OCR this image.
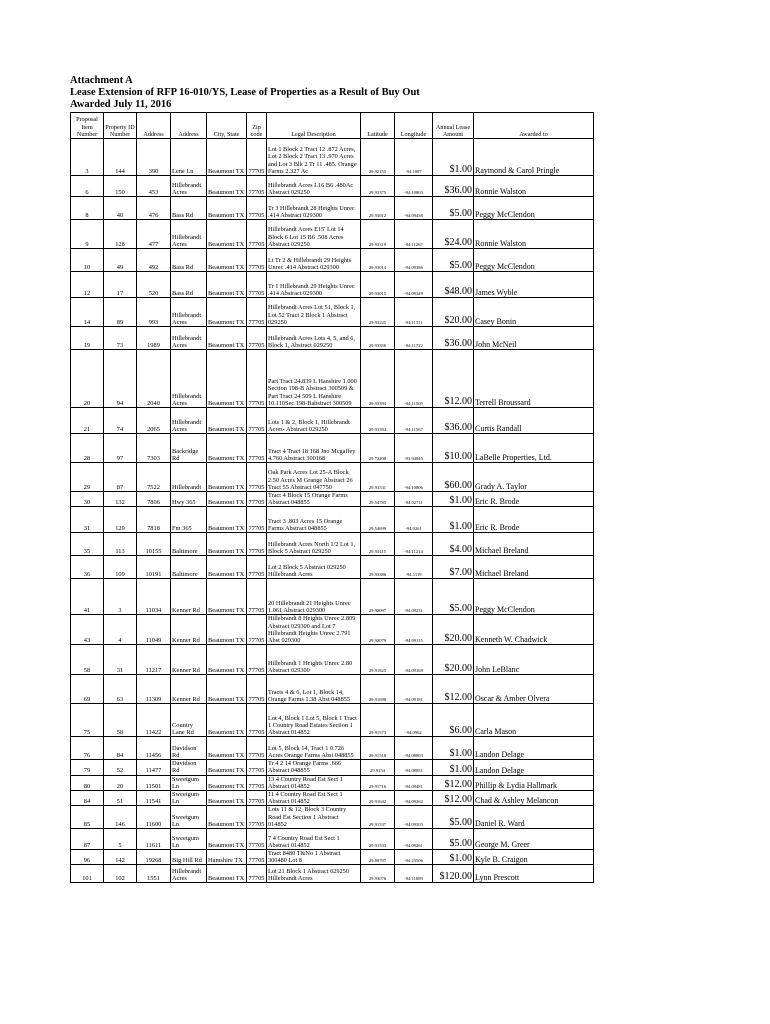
Attachment A
Lease Extension of RFP 16-010/YS, Lease of Properties as a Result of Buy Out
Awarded July 11, 2016
Proposal Item Number	Property ID Number	Address	Address	City, State	Zip code	Legal Description	Latitude	Longitude	Annual Lease Amount	Awarded to
3	144	390	Lene Ln	Beaumont TX	77705	Lot 1 Block 2 Tract 12 .872 Acres, Lot 2 Block 2 Tract 13 .970 Acres and Lot 3 Blk 2 Tr 11 .485. Orange Farms 2.327 Ac	29.92155	-94.1087	$1.00	Raymond & Carol Pringle
6	150	453	Hillebrandt Acres	Beaumont TX	77705	Hillebrandt Acres L16 B6 .480Ac Abstract 029250	29.93375	-94.10803	$36.00	Ronnie Walston
8	40	476	Bass Rd	Beaumont TX	77705	Tr 3 Hillebrandt 28 Heights Unrec .414 Abstract 029300	29.93012	-94.09438	$5.00	Peggy McClendon
9	128	477	Hillebrandt Acres	Beaumont TX	77705	Hillebrandt Acres E15' Lot 14 Block 6 Lot 15 B6 .508 Acres Abstract 029250	29.93319	-94.11267	$24.00	Ronnie Walston
10	49	492	Bass Rd	Beaumont TX	77705	Lt Tr 2 & Hillebrandt 29 Heights Unrec .414 Abstract 029300	29.93014	-94.09386	$5.00	Peggy McClendon
12	17	520	Bass Rd	Beaumont TX	77705	Tr 1 Hillebrandt 29 Heights Unrec .414 Abstract 029300	29.93015	-94.09349	$48.00	James Wyble
14	89	993	Hillebrandt Acres	Beaumont TX	77705	Hillebrandt Acres Lot 51, Block 1, Lot 52 Tract 2 Block 1 Abstract 029250	29.93225	-94.11511	$20.00	Casey Bonin
19	73	1989	Hillebrandt Acres	Beaumont TX	77705	Hillebrandt Acres Lots 4, 5, and 6, Block 1, Abstract 029250	29.93356	-94.11722	$36.00	John McNeil
20	94	2040	Hillebrandt Acres	Beaumont TX	77705	Part Tract 24.839 L Hanshire 1.000 Section 198-B Abstract 300509 & Part Tract 24 509 L Hanshire 10.110Sec 198-Babstract 300509	29.93394	-94.11505	$12.00	Terrell Broussard
21	74	2065	Hillebrandt Acres	Beaumont TX	77705	Lots 1 & 2, Block 1, Hillebrandt Acres- Abstract 029250	29.93394	-94.11567	$36.00	Curtis Randall
28	97	7303	Backridge Rd	Beaumont TX	77705	Tract 4 Tract 18 168 Jno Mcgaffey 4.760 Abstract 300168	29.72208	-93.94045	$10.00	LaBelle Properties, Ltd.
29	87	7522	Hillebrandt	Beaumont TX	77705	Oak Park Acres Lot 25-A Block 2.50 Acres M Grange Abstract 26 Tract 55 Abstract 047750	29.93531	-94.10806	$60.00	Grady A. Taylor
30	132	7806	Hwy 365	Beaumont TX	77705	Tract 4 Block 15 Orange Farms Abstract 048855	29.54785	-94.02711	$1.00	Eric R. Brode
31	129	7818	Fm 365	Beaumont TX	77705	Tract 3 .803 Acres 15 Orange Farms Abstract 048855	29.54699	-94.0261	$1.00	Eric R. Brode
35	113	10155	Baltimore	Beaumont TX	77705	Hillebrandt Acres North 1/2 Lot 1, Block 5 Abstract 029250	29.93415	-94.11214	$4.00	Michael Breland
36	109	10191	Baltimore	Beaumont TX	77705	Lot 2 Block 5 Abstract 029250 Hillebrandt Acres	29.93386	-94.1119	$7.00	Michael Breland
41	3	11034	Kenner Rd	Beaumont TX	77705	20 Hillebrandt 21 Heights Unrec 1.061 Abstract 029300	29.92097	-94.09231	$5.00	Peggy McClendon
43	4	11049	Kenner Rd	Beaumont TX	77705	Hillebrandt 8 Heights Unrec 2.809 Abstract 029300 and Lot 7 Hillebrandt Heights Unrec 2.791 Abst 029300	29.92079	-94.09115	$20.00	Kenneth W. Chadwick
58	31	11217	Kenner Rd	Beaumont TX	77705	Hillebrandt 1 Heights Unrec 2.80 Abstract 029300	29.91825	-94.09169	$20.00	John LeBlanc
69	63	11309	Kenner Rd	Beaumont TX	77705	Tracts 4 & 6, Lot 1, Block 14, Orange Farms 1.38 Abst 048855	29.91698	-94.09181	$12.00	Oscar & Amber Olvera
75	58	11422	Country Lane Rd	Beaumont TX	77705	Lot 4, Block 1 Lot 5, Block 1 Tract 1 Country Road Estates Section 1 Abstract 014852	29.91573	-94.0962	$6.00	Carla Mason
76	84	11456	Davidson Rd	Beaumont TX	77705	Lot 5, Block 14, Tract 1 0.726 Acres Orange Farms Abst 048855	29.91518	-94.08803	$1.00	Landon Delage
79	52	11477	Davidson Rd	Beaumont TX	77705	Tr 4 2 14 Orange Farms .666 Abstract 048855	29.9154	-94.08851	$1.00	Landon Delage
80	20	11501	Sweetgum Ln	Beaumont TX	77705	13 4 Country Road Est Sect 1 Abstract 014852	29.91716	-94.09481	$12.00	Phillip & Lydia Hallmark
84	51	11541	Sweetgum Ln	Beaumont TX	77705	11 4 Country Road Est Sect 1 Abstract 014852	29.91642	-94.09262	$12.00	Chad & Ashley Melancon
85	146	11600	Sweetgum Ln	Beaumont TX	77705	Lots 11 & 12, Block 3 Country Road Est Section 1 Abstract 014852	29.91537	-94.09303	$5.00	Daniel R. Ward
87	5	11611	Sweetgum Ln	Beaumont TX	77705	7 4 Country Road Est Sect 1 Abstract 014852	29.91533	-94.09261	$5.00	George M. Greer
96	142	19268	Big Hill Rd	Hamshire TX	77705	Tract 8480 T&No 1 Abstract 300480 Lot 8	29.80707	-94.23506	$1.00	Kyle B. Craigon
101	102	1551	Hillebrandt Acres	Beaumont TX	77705	Lot 21 Block 1 Abstract 029250 Hillebrandt Acres	29.93076	-94.11889	$120.00	Lynn Prescott
